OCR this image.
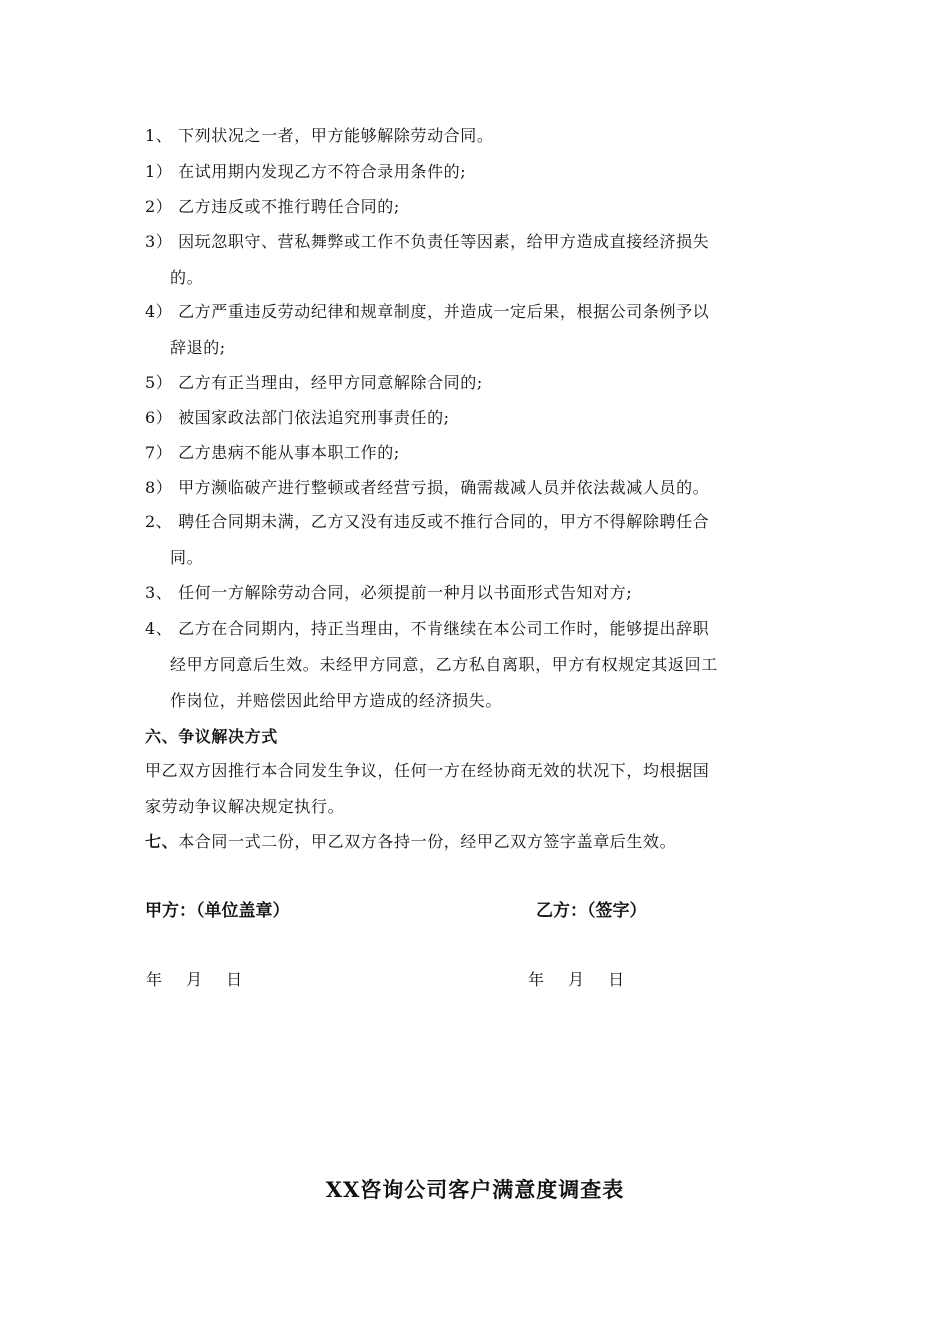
1、 下列状况之一者，甲方能够解除劳动合同。
1） 在试用期内发现乙方不符合录用条件的;
2） 乙方违反或不推行聘任合同的;
3） 因玩忽职守、营私舞弊或工作不负责任等因素，给甲方造成直接经济损失
的。
4） 乙方严重违反劳动纪律和规章制度，并造成一定后果，根据公司条例予以
辞退的;
5） 乙方有正当理由，经甲方同意解除合同的;
6） 被国家政法部门依法追究刑事责任的;
7） 乙方患病不能从事本职工作的;
8） 甲方濒临破产进行整顿或者经营亏损，确需裁减人员并依法裁减人员的。
2、 聘任合同期未满，乙方又没有违反或不推行合同的，甲方不得解除聘任合
同。
3、 任何一方解除劳动合同，必须提前一种月以书面形式告知对方;
4、 乙方在合同期内，持正当理由，不肯继续在本公司工作时，能够提出辞职
经甲方同意后生效。未经甲方同意，乙方私自离职，甲方有权规定其返回工
作岗位，并赔偿因此给甲方造成的经济损失。
六、争议解决方式
甲乙双方因推行本合同发生争议，任何一方在经协商无效的状况下，均根据国
家劳动争议解决规定执行。
七、本合同一式二份，甲乙双方各持一份，经甲乙双方签字盖章后生效。
甲方：（单位盖章）	乙方：（签字）
年 月 日	年 月 日
XX咨询公司客户满意度调查表
